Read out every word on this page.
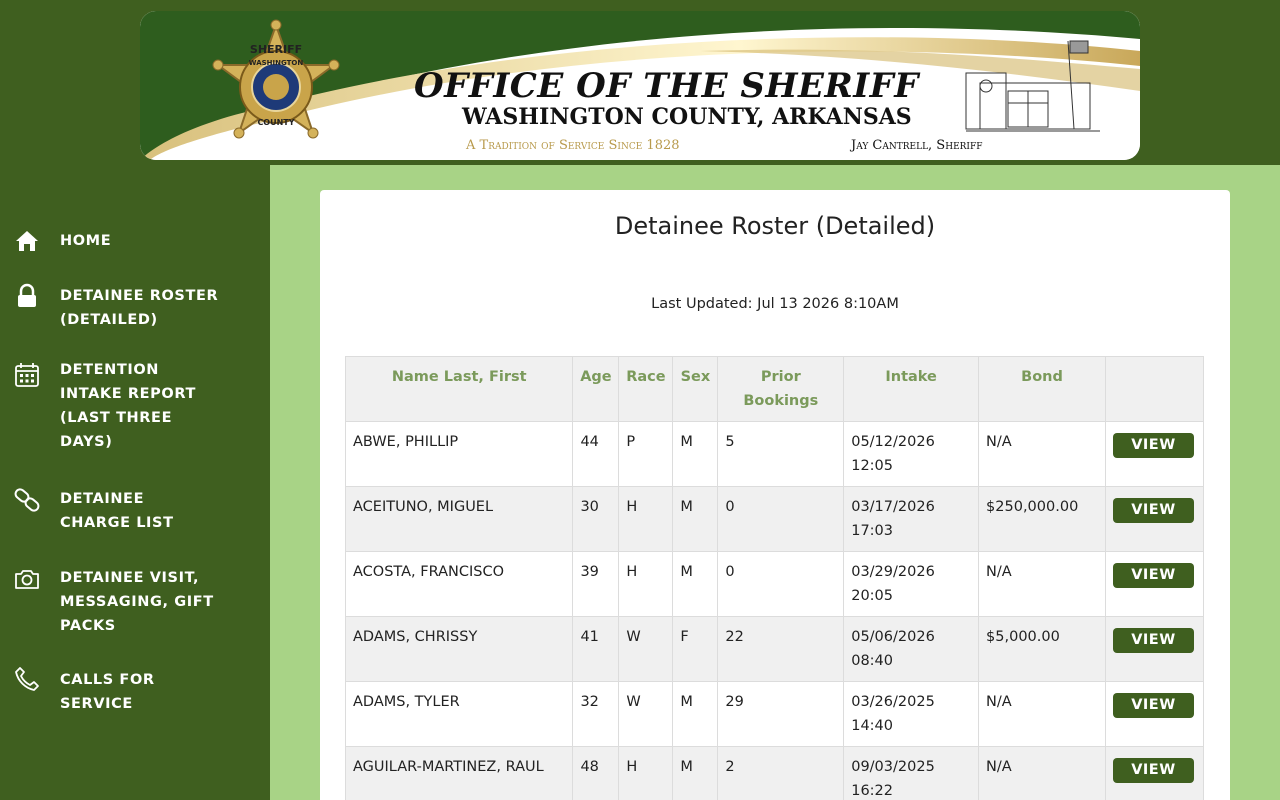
SHERIFF
WASHINGTON
COUNTY
OFFICE OF THE SHERIFF
WASHINGTON COUNTY, ARKANSAS
A Tradition of Service Since 1828	Jay Cantrell, Sheriff
HOME
DETAINEE ROSTER (DETAILED)
DETENTION INTAKE REPORT (LAST THREE DAYS)
DETAINEE CHARGE LIST
DETAINEE VISIT, MESSAGING, GIFT PACKS
CALLS FOR SERVICE
Detainee Roster (Detailed)
Last Updated: Jul 13 2026 8:10AM
Name Last, First	Age	Race	Sex	Prior Bookings	Intake	Bond	
ABWE, PHILLIP	44	P	M	5	05/12/2026 12:05	N/A	VIEW
ACEITUNO, MIGUEL	30	H	M	0	03/17/2026 17:03	$250,000.00	VIEW
ACOSTA, FRANCISCO	39	H	M	0	03/29/2026 20:05	N/A	VIEW
ADAMS, CHRISSY	41	W	F	22	05/06/2026 08:40	$5,000.00	VIEW
ADAMS, TYLER	32	W	M	29	03/26/2025 14:40	N/A	VIEW
AGUILAR-MARTINEZ, RAUL	48	H	M	2	09/03/2025 16:22	N/A	VIEW
